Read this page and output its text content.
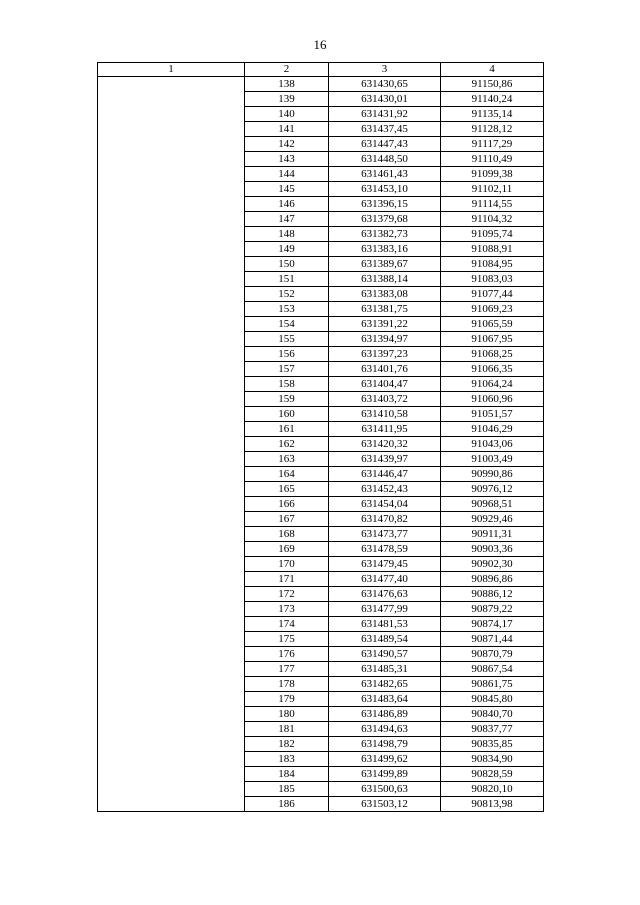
16
1	2	3	4
	138	631430,65	91150,86
	139	631430,01	91140,24
	140	631431,92	91135,14
	141	631437,45	91128,12
	142	631447,43	91117,29
	143	631448,50	91110,49
	144	631461,43	91099,38
	145	631453,10	91102,11
	146	631396,15	91114,55
	147	631379,68	91104,32
	148	631382,73	91095,74
	149	631383,16	91088,91
	150	631389,67	91084,95
	151	631388,14	91083,03
	152	631383,08	91077,44
	153	631381,75	91069,23
	154	631391,22	91065,59
	155	631394,97	91067,95
	156	631397,23	91068,25
	157	631401,76	91066,35
	158	631404,47	91064,24
	159	631403,72	91060,96
	160	631410,58	91051,57
	161	631411,95	91046,29
	162	631420,32	91043,06
	163	631439,97	91003,49
	164	631446,47	90990,86
	165	631452,43	90976,12
	166	631454,04	90968,51
	167	631470,82	90929,46
	168	631473,77	90911,31
	169	631478,59	90903,36
	170	631479,45	90902,30
	171	631477,40	90896,86
	172	631476,63	90886,12
	173	631477,99	90879,22
	174	631481,53	90874,17
	175	631489,54	90871,44
	176	631490,57	90870,79
	177	631485,31	90867,54
	178	631482,65	90861,75
	179	631483,64	90845,80
	180	631486,89	90840,70
	181	631494,63	90837,77
	182	631498,79	90835,85
	183	631499,62	90834,90
	184	631499,89	90828,59
	185	631500,63	90820,10
	186	631503,12	90813,98
